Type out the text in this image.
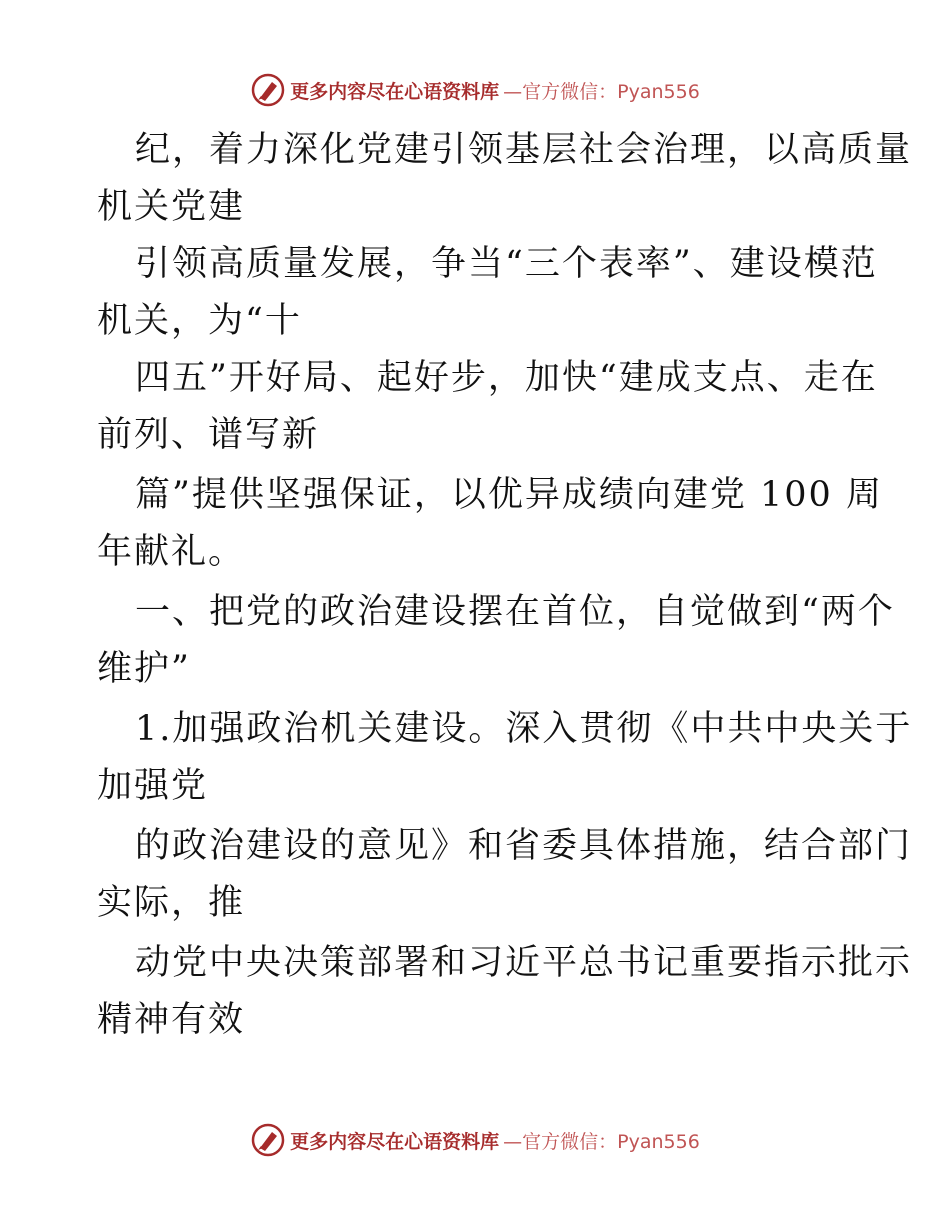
更多内容尽在心语资料库 —官方微信：Pyan556
纪，着力深化党建引领基层社会治理，以高质量
机关党建
引领高质量发展，争当“三个表率”、建设模范
机关，为“十
四五”开好局、起好步，加快“建成支点、走在
前列、谱写新
篇”提供坚强保证，以优异成绩向建党 100 周
年献礼。
一、把党的政治建设摆在首位，自觉做到“两个
维护”
1.加强政治机关建设。深入贯彻《中共中央关于
加强党
的政治建设的意见》和省委具体措施，结合部门
实际，推
动党中央决策部署和习近平总书记重要指示批示
精神有效
更多内容尽在心语资料库 —官方微信：Pyan556
